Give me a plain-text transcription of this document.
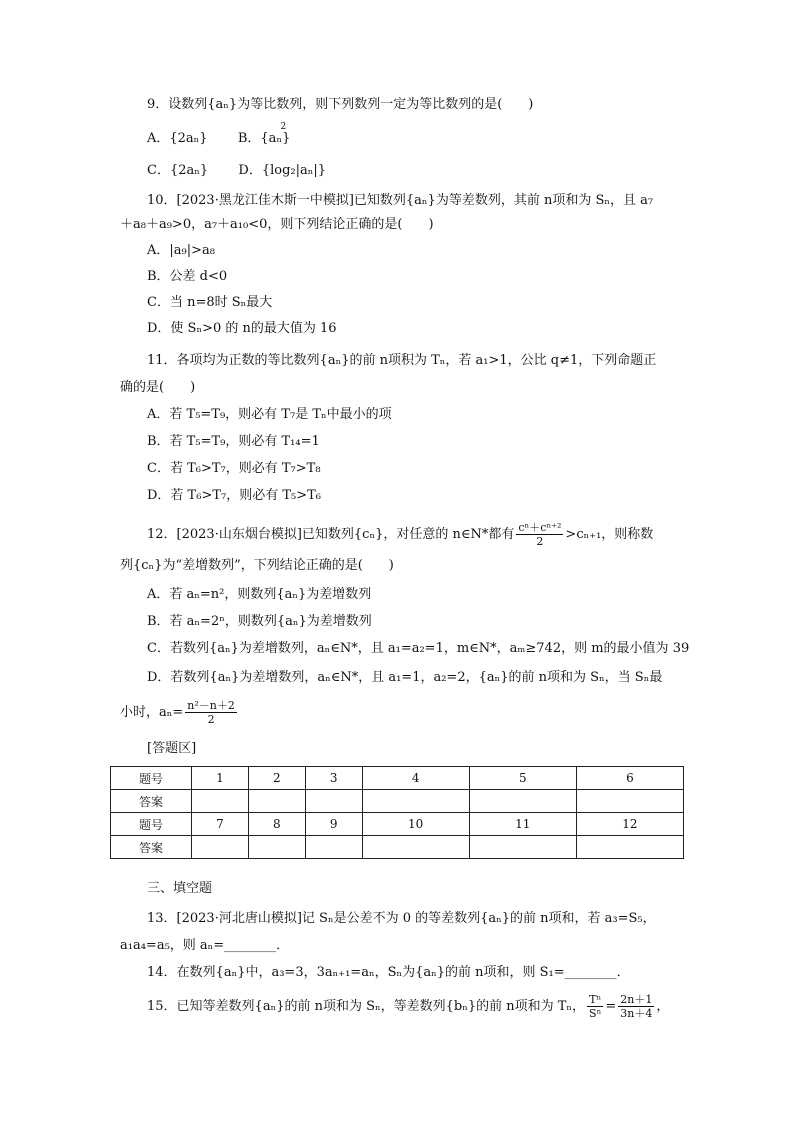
9．设数列{aₙ}为等比数列，则下列数列一定为等比数列的是(　　)
A．{2aₙ} B．{aₙ
2
}
C．{2aₙ} D．{log₂|aₙ|}
10．[2023·黑龙江佳木斯一中模拟]已知数列{aₙ}为等差数列，其前 n项和为 Sₙ，且 a₇
＋a₈＋a₉>0，a₇＋a₁₀<0，则下列结论正确的是(　　)
A．|a₉|>a₈
B．公差 d<0
C．当 n=8时 Sₙ最大
D．使 Sₙ>0 的 n的最大值为 16
11．各项均为正数的等比数列{aₙ}的前 n项积为 Tₙ，若 a₁>1，公比 q≠1，下列命题正
确的是(　　)
A．若 T₅=T₉，则必有 T₇是 Tₙ中最小的项
B．若 T₅=T₉，则必有 T₁₄=1
C．若 T₆>T₇，则必有 T₇>T₈
D．若 T₆>T₇，则必有 T₅>T₆
12．[2023·山东烟台模拟]已知数列{cₙ}，对任意的 n∈N*都有 $\frac{\text{cⁿ＋cⁿ⁺²}}{2} >c_{n+1}$，则称数
列{cₙ}为“差增数列”，下列结论正确的是(　　)
A．若 aₙ=n²，则数列{aₙ}为差增数列
B．若 aₙ=2ⁿ，则数列{aₙ}为差增数列
C．若数列{aₙ}为差增数列，aₙ∈N*，且 a₁=a₂=1，m∈N*，aₘ≥742，则 m的最小值为 39
D．若数列{aₙ}为差增数列，aₙ∈N*，且 a₁=1，a₂=2，{aₙ}的前 n项和为 Sₙ，当 Sₙ最
小时，$a_n= \frac{\text{n²－n＋2}}{2}$
[答题区]
题号	1	2	3	4	5	6
答案						
题号	7	8	9	10	11	12
答案						
三、填空题
13．[2023·河北唐山模拟]记 Sₙ是公差不为 0 的等差数列{aₙ}的前 n项和，若 a₃=S₅，
a₁a₄=a₅，则 aₙ=________．
14．在数列{aₙ}中，a₃=3，3aₙ₊₁=aₙ，Sₙ为{aₙ}的前 n项和，则 S₁=________．
15．已知等差数列{aₙ}的前 n项和为 Sₙ，等差数列{bₙ}的前 n项和为 Tₙ， $\frac{\text{Tⁿ}}{\text{Sⁿ}} = \frac{2n+1}{3n+4}$ ，
